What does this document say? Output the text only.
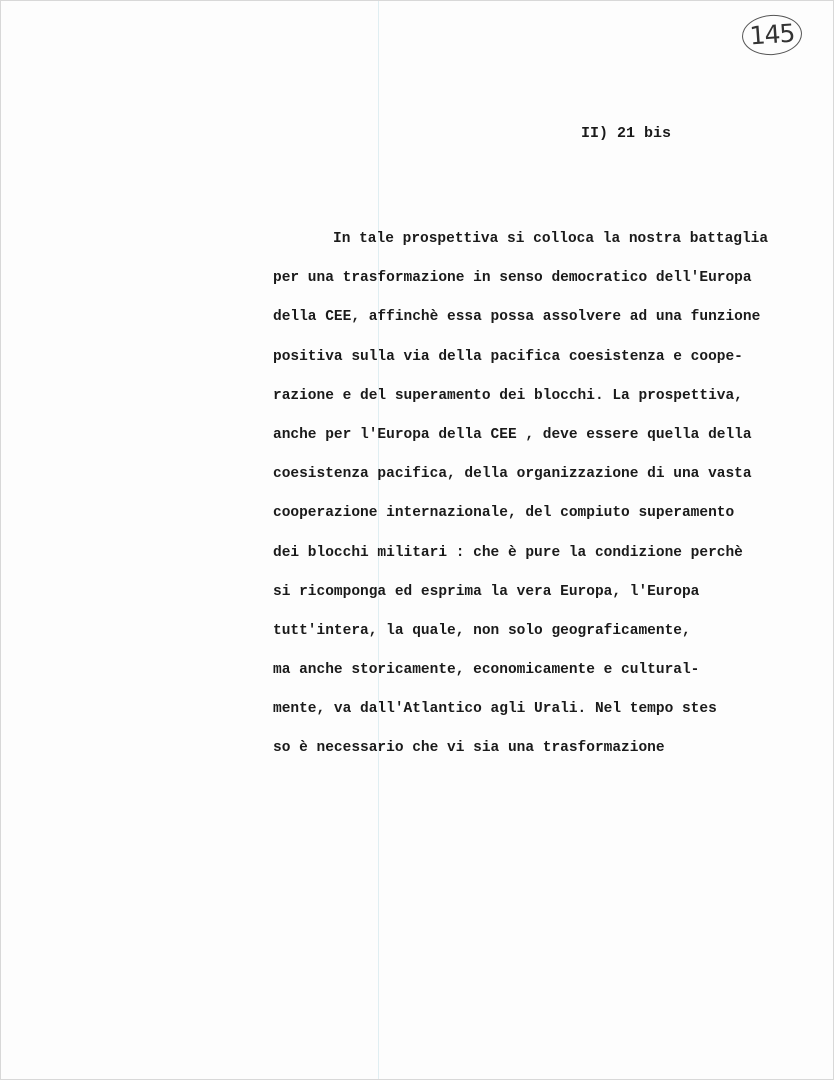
145
II) 21 bis
In tale prospettiva si colloca la nostra battaglia
per una trasformazione in senso democratico dell'Europa
della CEE, affinchè essa possa assolvere ad una funzione
positiva sulla via della pacifica coesistenza e coope-
razione e del superamento dei blocchi. La prospettiva,
anche per l'Europa della CEE , deve essere quella della
coesistenza pacifica, della organizzazione di una vasta
cooperazione internazionale, del compiuto superamento
dei blocchi militari : che è pure la condizione perchè
si ricomponga ed esprima la vera Europa, l'Europa
tutt'intera, la quale, non solo geograficamente,
ma anche storicamente, economicamente e cultural-
mente, va dall'Atlantico agli Urali. Nel tempo stes
so è necessario che vi sia una trasformazione
